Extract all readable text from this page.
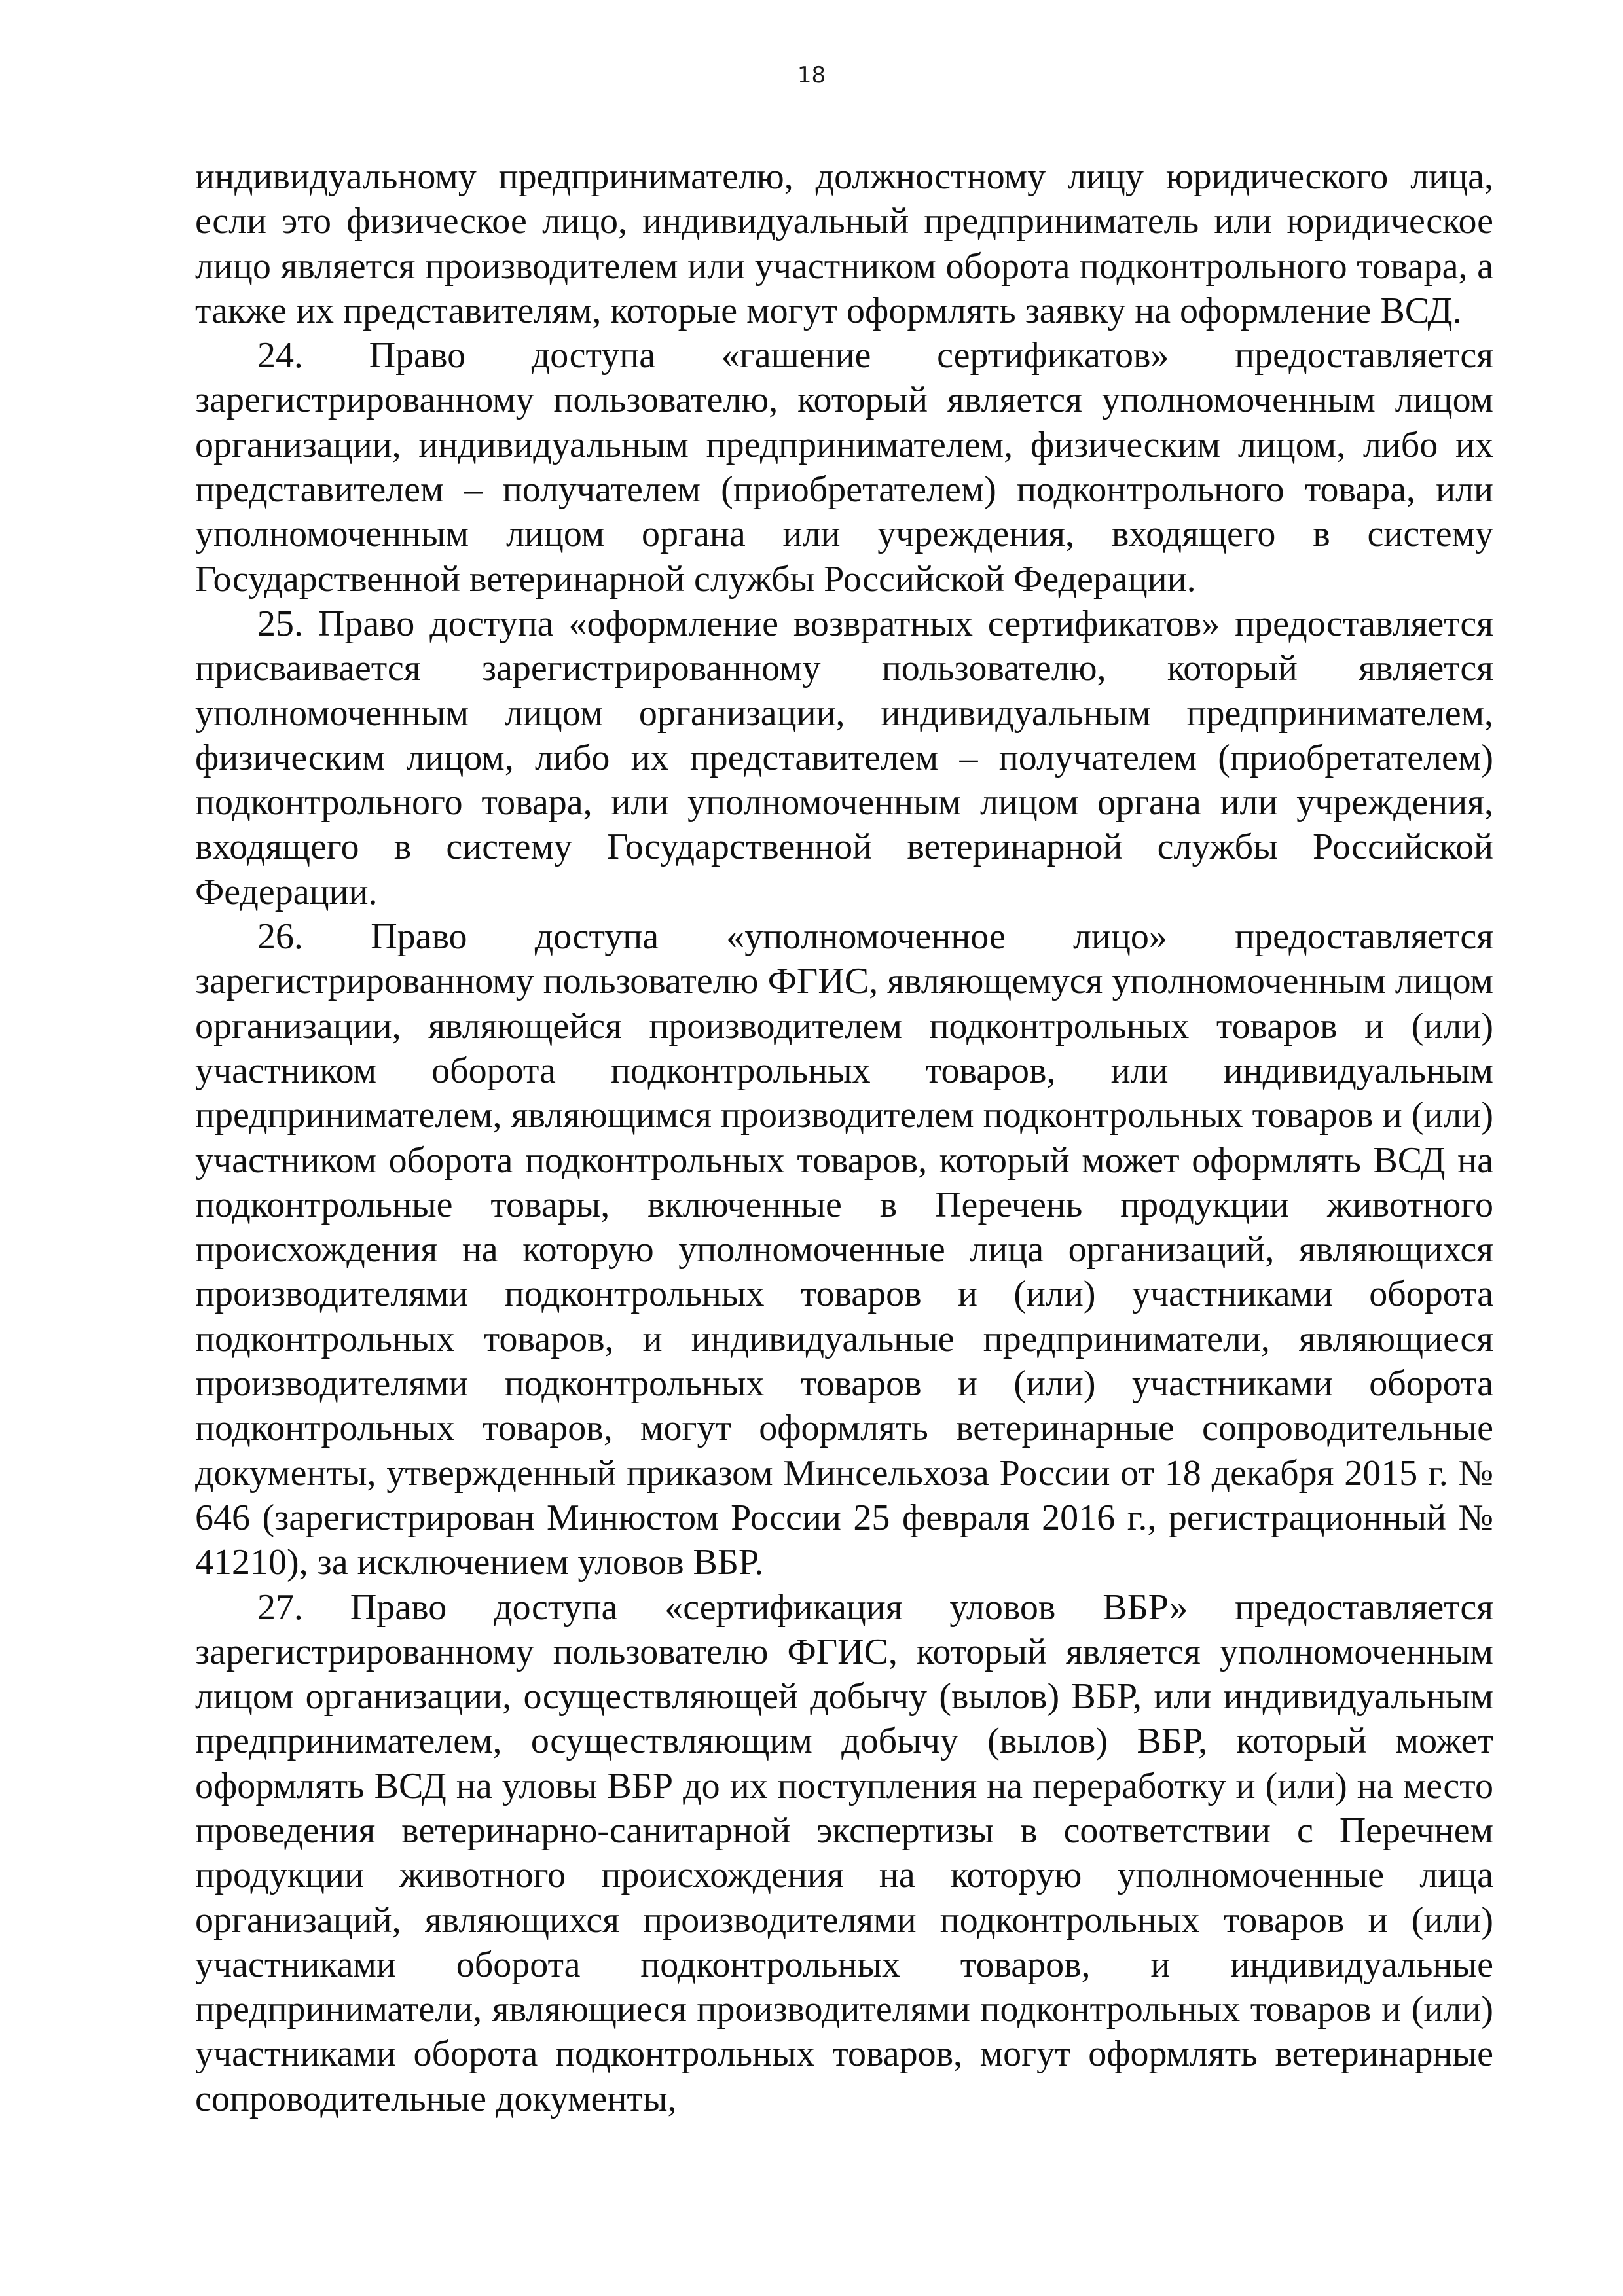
18

индивидуальному предпринимателю, должностному лицу юридического лица, если это физическое лицо, индивидуальный предприниматель или юридическое лицо является производителем или участником оборота подконтрольного товара, а также их представителям, которые могут оформлять заявку на оформление ВСД.

24. Право доступа «гашение сертификатов» предоставляется зарегистрированному пользователю, который является уполномоченным лицом организации, индивидуальным предпринимателем, физическим лицом, либо их представителем – получателем (приобретателем) подконтрольного товара, или уполномоченным лицом органа или учреждения, входящего в систему Государственной ветеринарной службы Российской Федерации.

25. Право доступа «оформление возвратных сертификатов» предоставляется присваивается зарегистрированному пользователю, который является уполномоченным лицом организации, индивидуальным предпринимателем, физическим лицом, либо их представителем – получателем (приобретателем) подконтрольного товара, или уполномоченным лицом органа или учреждения, входящего в систему Государственной ветеринарной службы Российской Федерации.

26. Право доступа «уполномоченное лицо» предоставляется зарегистрированному пользователю ФГИС, являющемуся уполномоченным лицом организации, являющейся производителем подконтрольных товаров и (или) участником оборота подконтрольных товаров, или индивидуальным предпринимателем, являющимся производителем подконтрольных товаров и (или) участником оборота подконтрольных товаров, который может оформлять ВСД на подконтрольные товары, включенные в Перечень продукции животного происхождения на которую уполномоченные лица организаций, являющихся производителями подконтрольных товаров и (или) участниками оборота подконтрольных товаров, и индивидуальные предприниматели, являющиеся производителями подконтрольных товаров и (или) участниками оборота подконтрольных товаров, могут оформлять ветеринарные сопроводительные документы, утвержденный приказом Минсельхоза России от 18 декабря 2015 г. № 646 (зарегистрирован Минюстом России 25 февраля 2016 г., регистрационный № 41210), за исключением уловов ВБР.

27. Право доступа «сертификация уловов ВБР» предоставляется зарегистрированному пользователю ФГИС, который является уполномоченным лицом организации, осуществляющей добычу (вылов) ВБР, или индивидуальным предпринимателем, осуществляющим добычу (вылов) ВБР, который может оформлять ВСД на уловы ВБР до их поступления на переработку и (или) на место проведения ветеринарно-санитарной экспертизы в соответствии с Перечнем продукции животного происхождения на которую уполномоченные лица организаций, являющихся производителями подконтрольных товаров и (или) участниками оборота подконтрольных товаров, и индивидуальные предприниматели, являющиеся производителями подконтрольных товаров и (или) участниками оборота подконтрольных товаров, могут оформлять ветеринарные сопроводительные документы,
